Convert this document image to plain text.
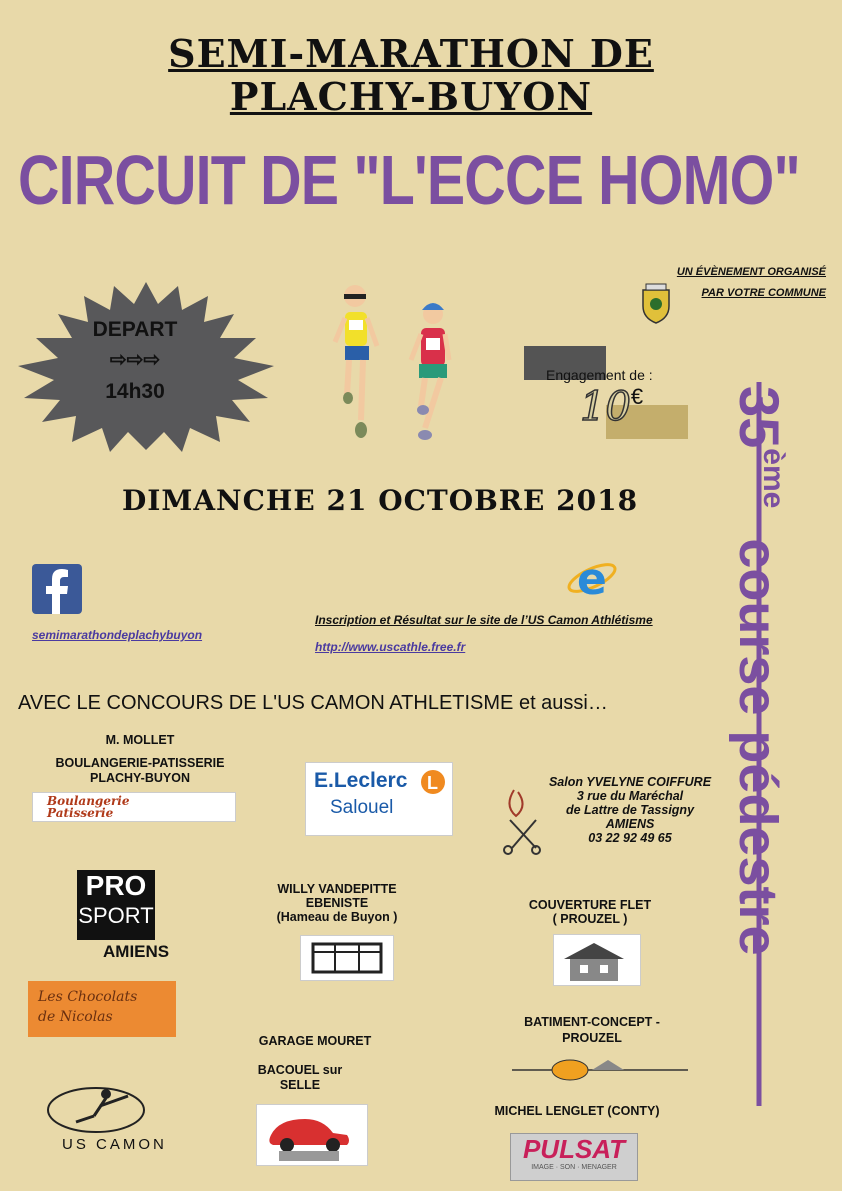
SEMI-MARATHON DE
PLACHY-BUYON
CIRCUIT DE "L'ECCE HOMO"
UN ÉVÈNEMENT ORGANISÉ
PAR VOTRE COMMUNE
DEPART
⇨⇨⇨
14h30
Engagement de :
10€
DIMANCHE 21 OCTOBRE 2018
35èmecourse pédestre
semimarathondeplachybuyon
e
Inscription et Résultat sur le site de l’US Camon Athlétisme
http://www.uscathle.free.fr
AVEC LE CONCOURS DE L'US CAMON ATHLETISME et aussi…
M. MOLLET
BOULANGERIE-PATISSERIE
PLACHY-BUYON
Boulangerie
Patisserie
E.Leclerc
Salouel
L	Salon YVELYNE COIFFURE
3 rue du Maréchal
de Lattre de Tassigny
AMIENS
03 22 92 49 65
PRO
SPORT
AMIENS
WILLY VANDEPITTE
EBENISTE
(Hameau de Buyon )
COUVERTURE FLET
( PROUZEL )
Les Chocolats
de Nicolas
GARAGE MOURET
BACOUEL sur
SELLE
BATIMENT-CONCEPT -
PROUZEL
MICHEL LENGLET (CONTY)
PULSAT
IMAGE · SON · MENAGER
US CAMON
